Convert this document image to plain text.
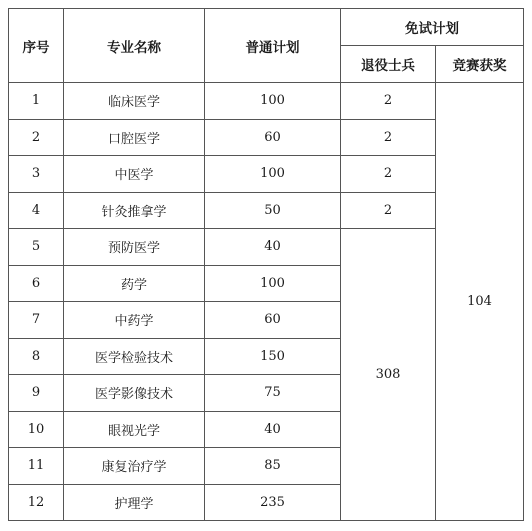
序号	专业名称	普通计划	免试计划	
			退役士兵	竞赛获奖
1	临床医学	100	2	104
2	口腔医学	60	2	
3	中医学	100	2	
4	针灸推拿学	50	2	
5	预防医学	40	308	
6	药学	100		
7	中药学	60		
8	医学检验技术	150		
9	医学影像技术	75		
10	眼视光学	40		
11	康复治疗学	85		
12	护理学	235		
